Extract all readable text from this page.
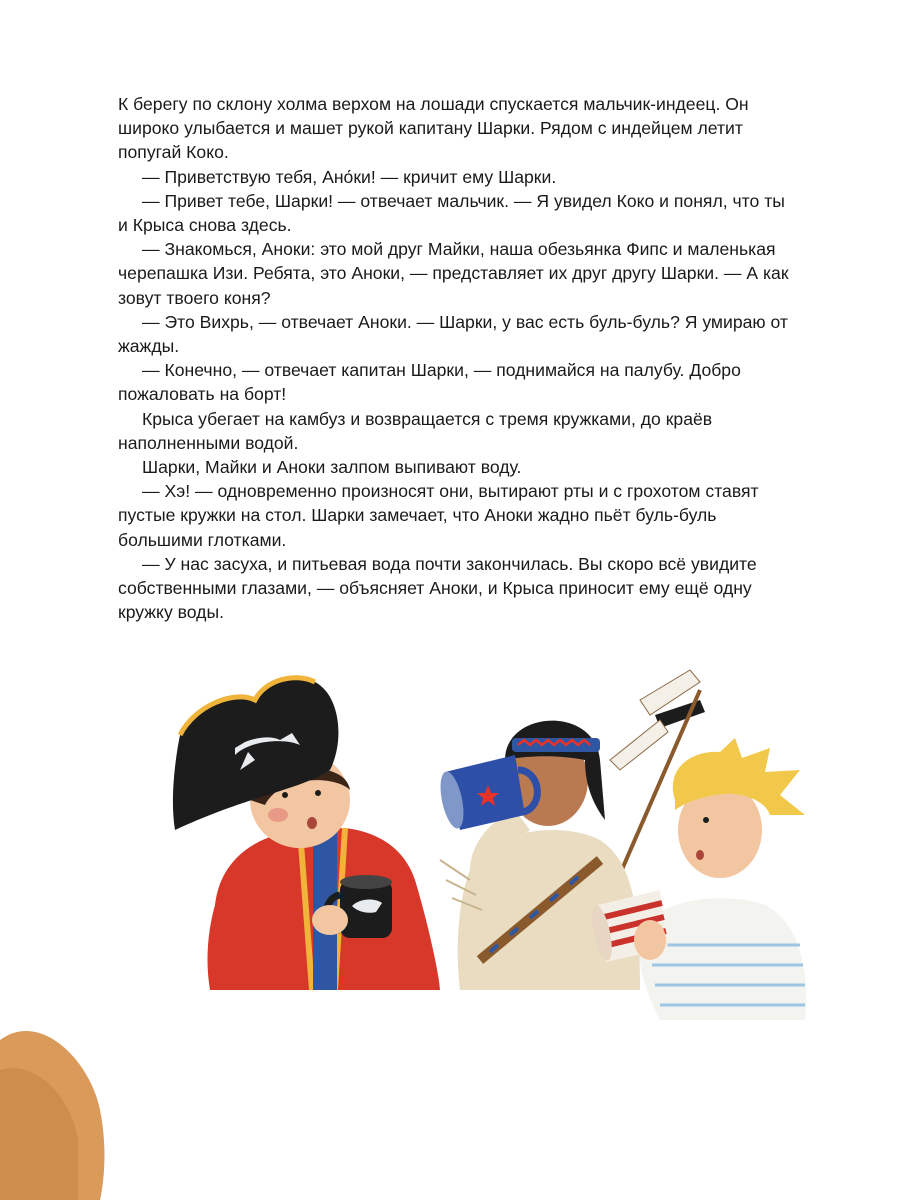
К берегу по склону холма верхом на лошади спускается мальчик-индеец. Он широко улыбается и машет рукой капитану Шарки. Рядом с индейцем летит попугай Коко.

— Приветствую тебя, Ано́ки! — кричит ему Шарки.

— Привет тебе, Шарки! — отвечает мальчик. — Я увидел Коко и понял, что ты и Крыса снова здесь.

— Знакомься, Аноки: это мой друг Майки, наша обезьянка Фипс и маленькая черепашка Изи. Ребята, это Аноки, — представляет их друг другу Шарки. — А как зовут твоего коня?

— Это Вихрь, — отвечает Аноки. — Шарки, у вас есть буль-буль? Я умираю от жажды.

— Конечно, — отвечает капитан Шарки, — поднимайся на палубу. Добро пожаловать на борт!

Крыса убегает на камбуз и возвращается с тремя кружками, до краёв наполненными водой.

Шарки, Майки и Аноки залпом выпивают воду.

— Хэ! — одновременно произносят они, вытирают рты и с грохотом ставят пустые кружки на стол. Шарки замечает, что Аноки жадно пьёт буль-буль большими глотками.

— У нас засуха, и питьевая вода почти закончилась. Вы скоро всё увидите собственными глазами, — объясняет Аноки, и Крыса приносит ему ещё одну кружку воды.
